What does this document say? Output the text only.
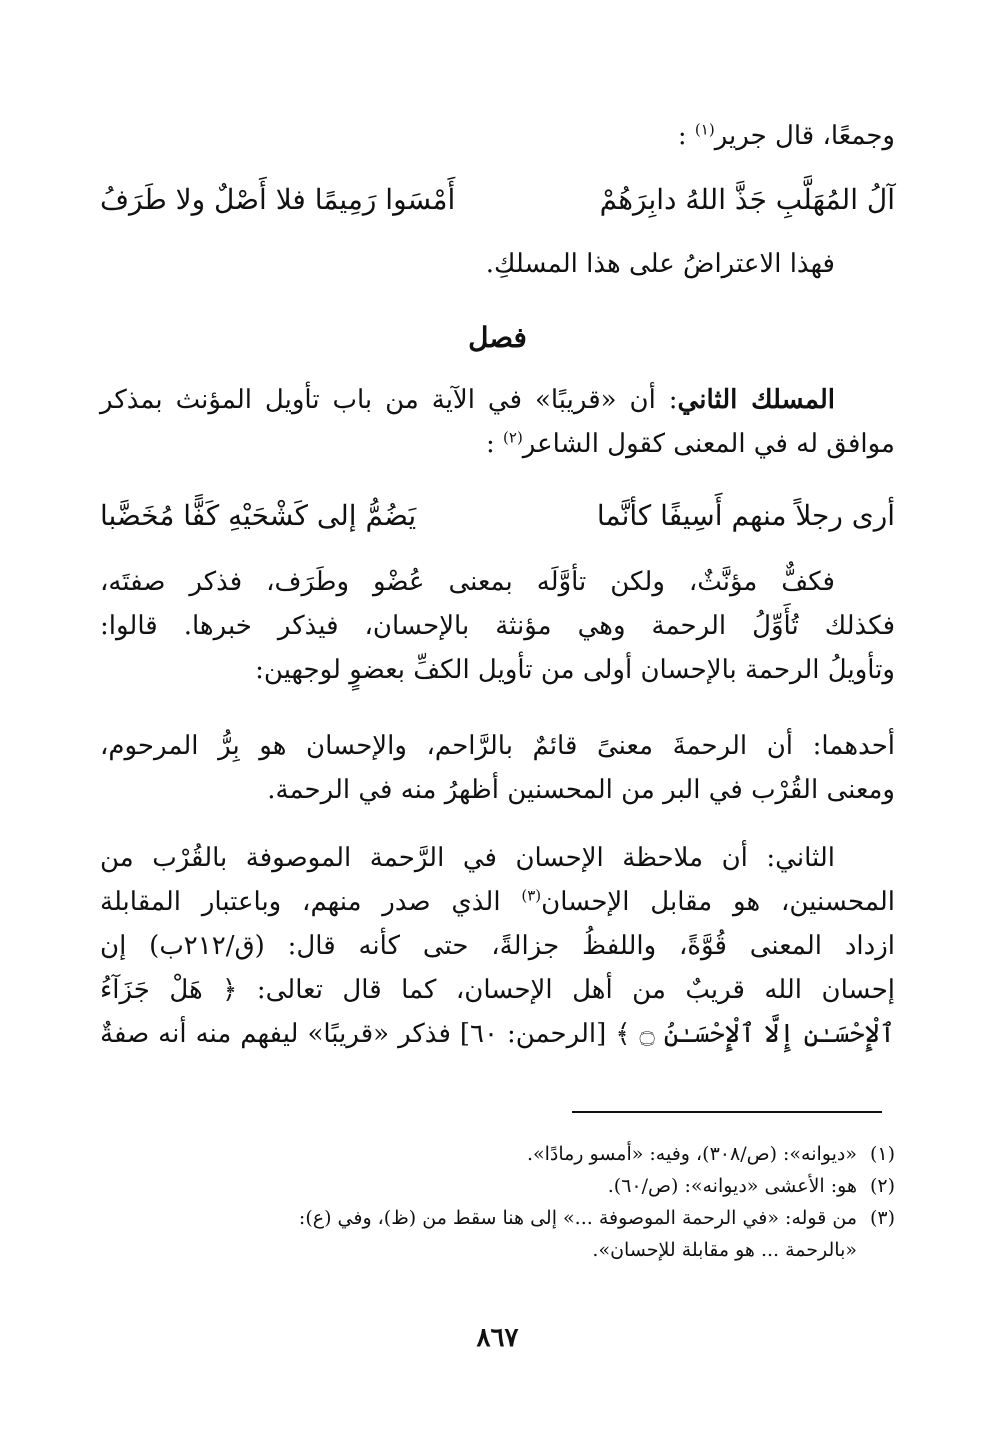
وجمعًا، قال جرير$^{(١)}$ :

آلُ المُهَلَّبِ جَذَّ اللهُ دابِرَهُمْ
أَمْسَوا رَمِيمًا فلا أَصْلٌ ولا طَرَفُ

فهذا الاعتراضُ على هذا المسلكِ.

فصل

المسلك الثاني: أن «قريبًا» في الآية من باب تأويل المؤنث بمذكر
موافق له في المعنى كقول الشاعر$^{(٢)}$ :

أرى رجلاً منهم أَسِيفًا كأنَّما
يَضُمُّ إلى كَشْحَيْهِ كَفًّا مُخَضَّبا

فكفٌّ مؤنَّثٌ، ولكن تأوَّلَه بمعنى عُضْو وطَرَف، فذكر صفتَه،
فكذلك تُأَوِّلُ الرحمة وهي مؤنثة بالإحسان، فيذكر خبرها. قالوا:
وتأويلُ الرحمة بالإحسان أولى من تأويل الكفِّ بعضوٍ لوجهين:

أحدهما: أن الرحمةَ معنىً قائمٌ بالرَّاحم، والإحسان هو بِرُّ المرحوم،
ومعنى القُرْب في البر من المحسنين أظهرُ منه في الرحمة.

الثاني: أن ملاحظة الإحسان في الرَّحمة الموصوفة بالقُرْب من
المحسنين، هو مقابل الإحسان$^{(٣)}$ الذي صدر منهم، وباعتبار المقابلة
ازداد المعنى قُوَّةً، واللفظُ جزالةً، حتى كأنه قال: (ق/٢١٢ب) إن
إحسان الله قريبٌ من أهل الإحسان، كما قال تعالى: ﴿ هَلْ جَزَآءُ
ٱلْإِحْسَـٰنِ إِلَّا ٱلْإِحْسَـٰنُ ۝ ﴾ [الرحمن: ٦٠] فذكر «قريبًا» ليفهم منه أنه صفةٌ

(١)«ديوانه»: (ص/٣٠٨)، وفيه: «أمسو رمادًا».
(٢)هو: الأعشى «ديوانه»: (ص/٦٠).
(٣)من قوله: «في الرحمة الموصوفة ...» إلى هنا سقط من (ظ)، وفي (ع):
«بالرحمة ... هو مقابلة للإحسان».
٨٦٧
